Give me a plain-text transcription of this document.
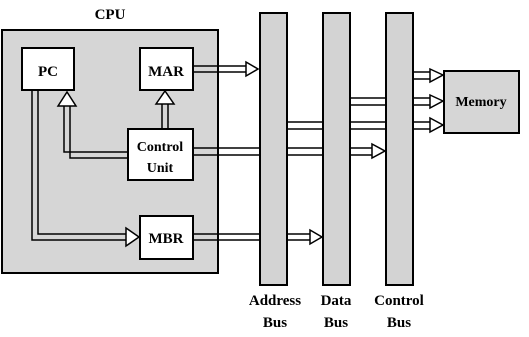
CPU
Memory
PC	MAR
Control
Unit
MBR
Address
Bus
Data
Bus
Control
Bus
